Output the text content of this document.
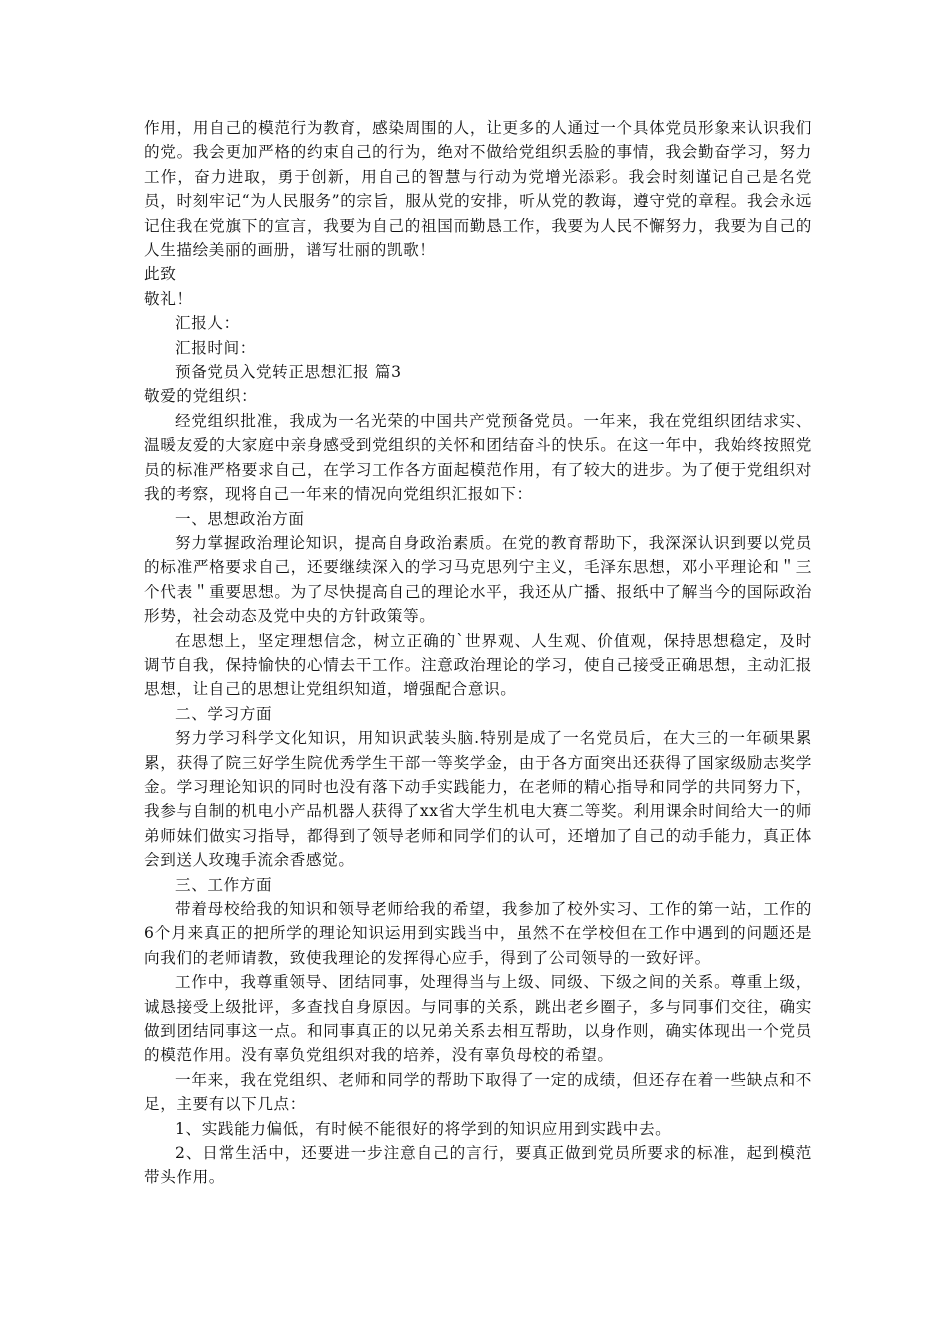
作用，用自己的模范行为教育，感染周围的人，让更多的人通过一个具体党员形象来认识我们的党。我会更加严格的约束自己的行为，绝对不做给党组织丢脸的事情，我会勤奋学习，努力工作，奋力进取，勇于创新，用自己的智慧与行动为党增光添彩。我会时刻谨记自己是名党员，时刻牢记“为人民服务”的宗旨，服从党的安排，听从党的教诲，遵守党的章程。我会永远记住我在党旗下的宣言，我要为自己的祖国而勤恳工作，我要为人民不懈努力，我要为自己的人生描绘美丽的画册，谱写壮丽的凯歌！

此致

敬礼！

汇报人：

汇报时间：

预备党员入党转正思想汇报 篇3

敬爱的党组织：

经党组织批准，我成为一名光荣的中国共产党预备党员。一年来，我在党组织团结求实、温暖友爱的大家庭中亲身感受到党组织的关怀和团结奋斗的快乐。在这一年中，我始终按照党员的标准严格要求自己，在学习工作各方面起模范作用，有了较大的进步。为了便于党组织对我的考察，现将自己一年来的情况向党组织汇报如下：

一、思想政治方面

努力掌握政治理论知识，提高自身政治素质。在党的教育帮助下，我深深认识到要以党员的标准严格要求自己，还要继续深入的学习马克思列宁主义，毛泽东思想，邓小平理论和＂三个代表＂重要思想。为了尽快提高自己的理论水平，我还从广播、报纸中了解当今的国际政治形势，社会动态及党中央的方针政策等。

在思想上，坚定理想信念，树立正确的`世界观、人生观、价值观，保持思想稳定，及时调节自我，保持愉快的心情去干工作。注意政治理论的学习，使自己接受正确思想，主动汇报思想，让自己的思想让党组织知道，增强配合意识。

二、学习方面

努力学习科学文化知识，用知识武装头脑.特别是成了一名党员后，在大三的一年硕果累累，获得了院三好学生院优秀学生干部一等奖学金，由于各方面突出还获得了国家级励志奖学金。学习理论知识的同时也没有落下动手实践能力，在老师的精心指导和同学的共同努力下，我参与自制的机电小产品机器人获得了xx省大学生机电大赛二等奖。利用课余时间给大一的师弟师妹们做实习指导，都得到了领导老师和同学们的认可，还增加了自己的动手能力，真正体会到送人玫瑰手流余香感觉。

三、工作方面

带着母校给我的知识和领导老师给我的希望，我参加了校外实习、工作的第一站，工作的6个月来真正的把所学的理论知识运用到实践当中，虽然不在学校但在工作中遇到的问题还是向我们的老师请教，致使我理论的发挥得心应手，得到了公司领导的一致好评。

工作中，我尊重领导、团结同事，处理得当与上级、同级、下级之间的关系。尊重上级，诚恳接受上级批评，多查找自身原因。与同事的关系，跳出老乡圈子，多与同事们交往，确实做到团结同事这一点。和同事真正的以兄弟关系去相互帮助，以身作则，确实体现出一个党员的模范作用。没有辜负党组织对我的培养，没有辜负母校的希望。

一年来，我在党组织、老师和同学的帮助下取得了一定的成绩，但还存在着一些缺点和不足，主要有以下几点：

1、实践能力偏低，有时候不能很好的将学到的知识应用到实践中去。

2、日常生活中，还要进一步注意自己的言行，要真正做到党员所要求的标准，起到模范带头作用。
